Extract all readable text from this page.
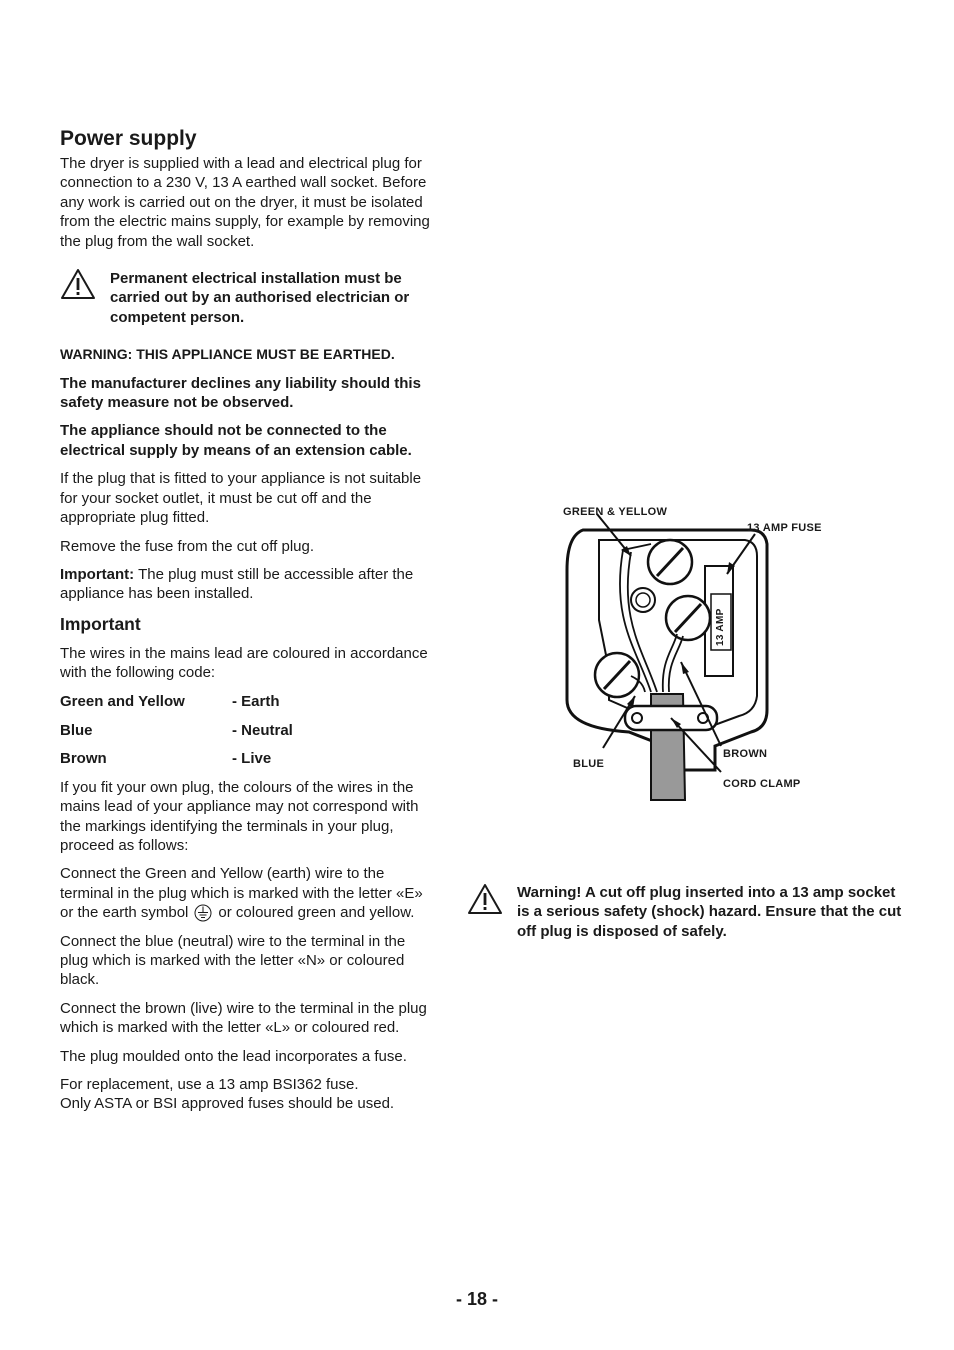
Power supply

The dryer is supplied with a lead and electrical plug for connection to a 230 V, 13 A earthed wall socket. Before any work is carried out on the dryer, it must be isolated from the electric mains supply, for example by removing the plug from the wall socket.

Permanent electrical installation must be carried out by an authorised electrician or competent person.

WARNING: THIS APPLIANCE MUST BE EARTHED.

The manufacturer declines any liability should this safety measure not be observed.

The appliance should not be connected to the electrical supply by means of an extension cable.

If the plug that is fitted to your appliance is not suitable for your socket outlet, it must be cut off and the appropriate plug fitted.

Remove the fuse from the cut off plug.

Important: The plug must still be accessible after the appliance has been installed.

Important

The wires in the mains lead are coloured in accordance with the following code:

Green and Yellow	- Earth
Blue	- Neutral
Brown	- Live

If you fit your own plug, the colours of the wires in the mains lead of your appliance may not correspond with the markings identifying the terminals in your plug, proceed as follows:

Connect the Green and Yellow (earth) wire to the terminal in the plug which is marked with the letter «E» or the earth symbol or coloured green and yellow.

Connect the blue (neutral) wire to the terminal in the plug which is marked with the letter «N» or coloured black.

Connect the brown (live) wire to the terminal in the plug which is marked with the letter «L» or coloured red.

The plug moulded onto the lead incorporates a fuse.

For replacement, use a 13 amp BSI362 fuse.

Only ASTA or BSI approved fuses should be used.

GREEN & YELLOW
13 AMP FUSE
13 AMP
BLUE
BROWN
CORD CLAMP

Warning! A cut off plug inserted into a 13 amp socket is a serious safety (shock) hazard. Ensure that the cut off plug is disposed of safely.

- 18 -
